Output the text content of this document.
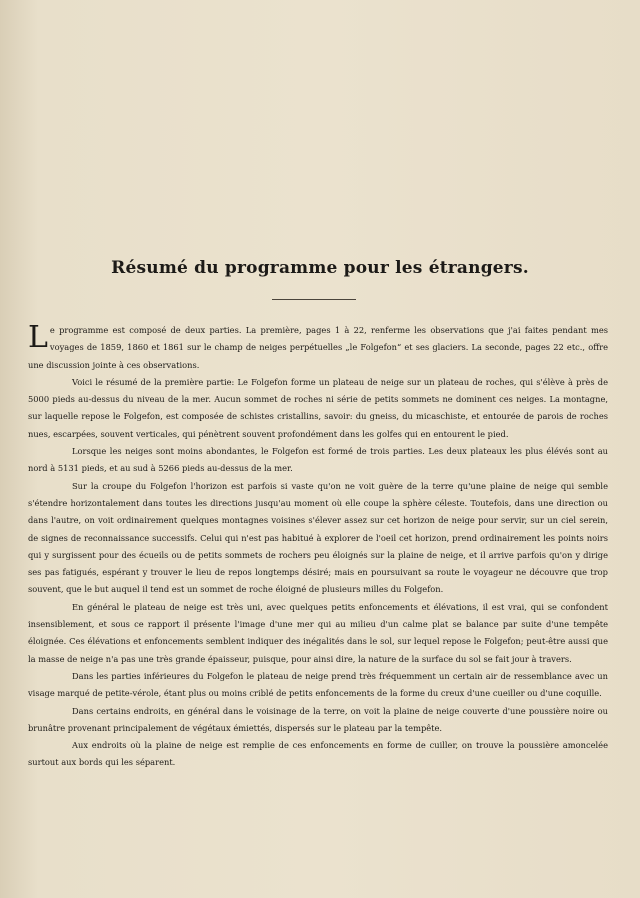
Résumé du programme pour les étrangers.

Le programme est composé de deux parties. La première, pages 1 à 22, renferme les observations que j'ai faites pendant mes voyages de 1859, 1860 et 1861 sur le champ de neiges perpétuelles „le Folgefon“ et ses glaciers. La seconde, pages 22 etc., offre une discussion jointe à ces observations.

Voici le résumé de la première partie: Le Folgefon forme un plateau de neige sur un plateau de roches, qui s'élève à près de 5000 pieds au-dessus du niveau de la mer. Aucun sommet de roches ni série de petits sommets ne dominent ces neiges. La montagne, sur laquelle repose le Folgefon, est composée de schistes cristallins, savoir: du gneiss, du micaschiste, et entourée de parois de roches nues, escarpées, souvent verticales, qui pénètrent souvent profondément dans les golfes qui en entourent le pied.

Lorsque les neiges sont moins abondantes, le Folgefon est formé de trois parties. Les deux plateaux les plus élévés sont au nord à 5131 pieds, et au sud à 5266 pieds au-dessus de la mer.

Sur la croupe du Folgefon l'horizon est parfois si vaste qu'on ne voit guère de la terre qu'une plaine de neige qui semble s'étendre horizontalement dans toutes les directions jusqu'au moment où elle coupe la sphère céleste. Toutefois, dans une direction ou dans l'autre, on voit ordinairement quelques montagnes voisines s'élever assez sur cet horizon de neige pour servir, sur un ciel serein, de signes de reconnaissance successifs. Celui qui n'est pas habitué à explorer de l'oeil cet horizon, prend ordinairement les points noirs qui y surgissent pour des écueils ou de petits sommets de rochers peu éloignés sur la plaine de neige, et il arrive parfois qu'on y dirige ses pas fatigués, espérant y trouver le lieu de repos longtemps désiré; mais en poursuivant sa route le voyageur ne découvre que trop souvent, que le but auquel il tend est un sommet de roche éloigné de plusieurs milles du Folgefon.

En général le plateau de neige est très uni, avec quelques petits enfoncements et élévations, il est vrai, qui se confondent insensiblement, et sous ce rapport il présente l'image d'une mer qui au milieu d'un calme plat se balance par suite d'une tempête éloignée. Ces élévations et enfoncements semblent indiquer des inégalités dans le sol, sur lequel repose le Folgefon; peut-être aussi que la masse de neige n'a pas une très grande épaisseur, puisque, pour ainsi dire, la nature de la surface du sol se fait jour à travers.

Dans les parties inférieures du Folgefon le plateau de neige prend très fréquemment un certain air de ressemblance avec un visage marqué de petite-vérole, étant plus ou moins criblé de petits enfoncements de la forme du creux d'une cueiller ou d'une coquille.

Dans certains endroits, en général dans le voisinage de la terre, on voit la plaine de neige couverte d'une poussière noire ou brunâtre provenant principalement de végétaux émiettés, dispersés sur le plateau par la tempête.

Aux endroits où la plaine de neige est remplie de ces enfoncements en forme de cuiller, on trouve la poussière amoncelée surtout aux bords qui les séparent.
